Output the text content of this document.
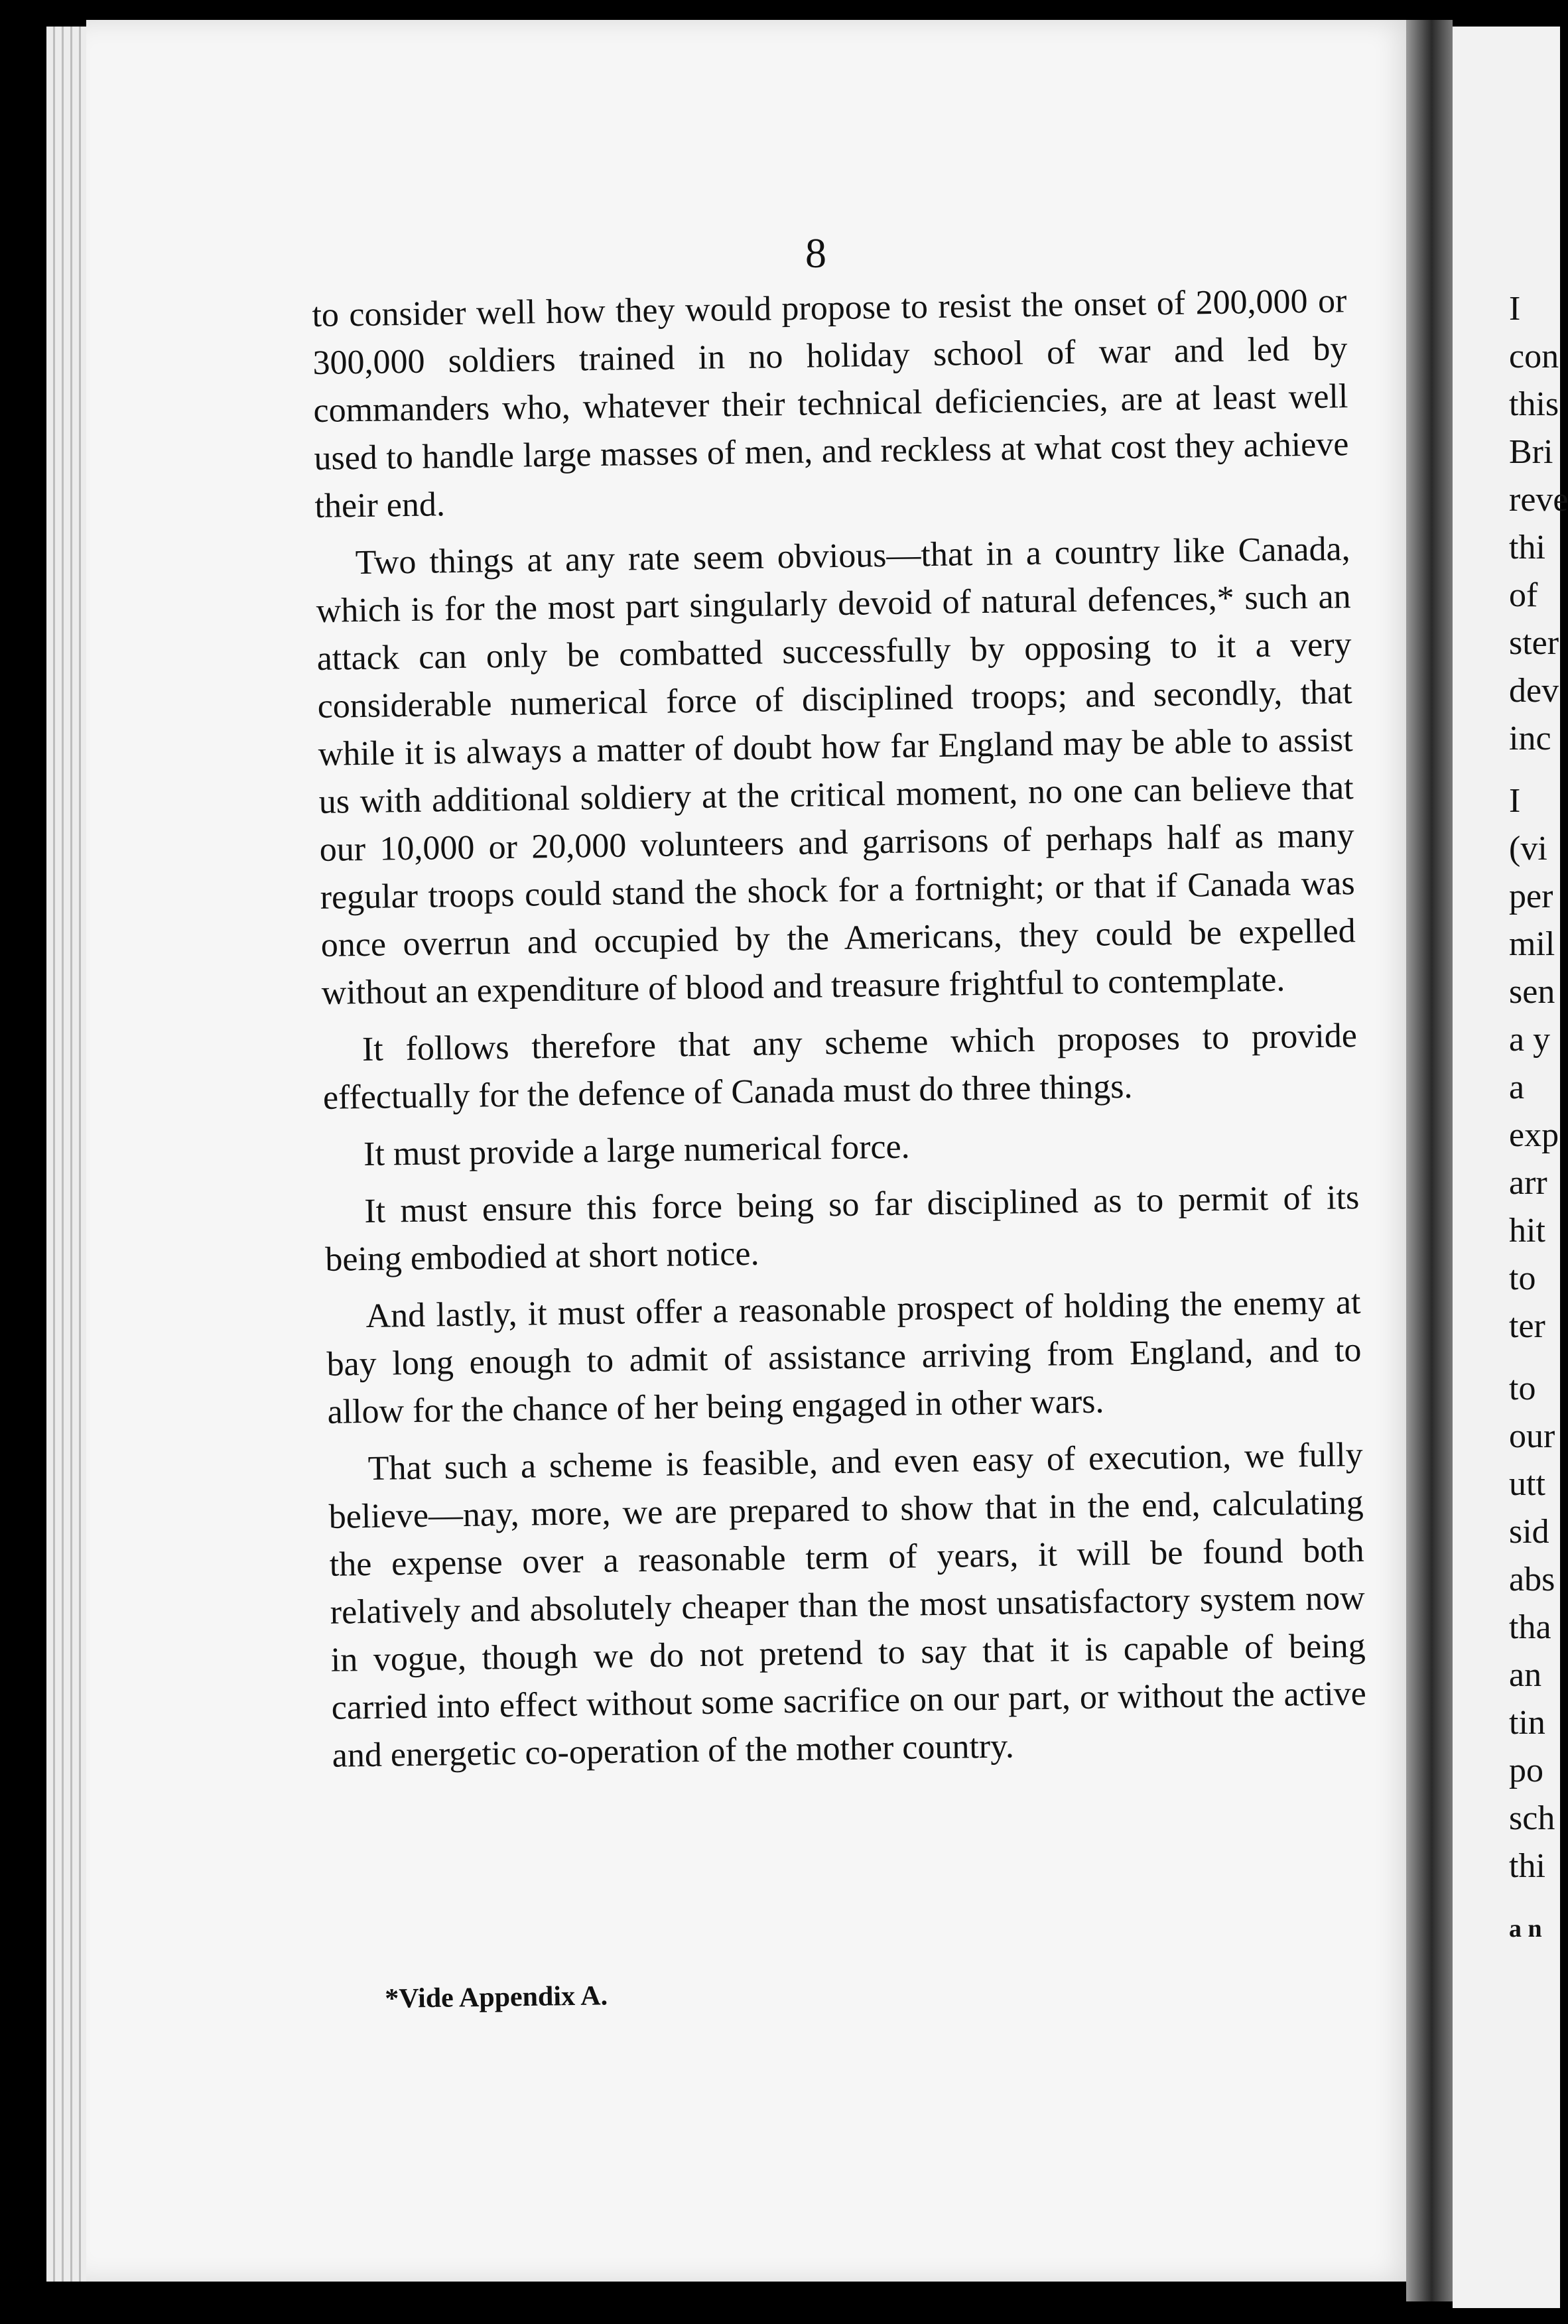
8

to consider well how they would propose to resist the onset of 200,000 or 300,000 soldiers trained in no holiday school of war and led by commanders who, whatever their technical deficiencies, are at least well used to handle large masses of men, and reckless at what cost they achieve their end.

Two things at any rate seem obvious—that in a country like Canada, which is for the most part singularly devoid of natural defences,* such an attack can only be combatted successfully by opposing to it a very considerable numerical force of disciplined troops; and secondly, that while it is always a matter of doubt how far England may be able to assist us with additional soldiery at the critical moment, no one can believe that our 10,000 or 20,000 volunteers and garrisons of perhaps half as many regular troops could stand the shock for a fortnight; or that if Canada was once overrun and occupied by the Americans, they could be expelled without an expenditure of blood and treasure frightful to contemplate.

It follows therefore that any scheme which proposes to provide effectually for the defence of Canada must do three things.

It must provide a large numerical force.

It must ensure this force being so far disciplined as to permit of its being embodied at short notice.

And lastly, it must offer a reasonable prospect of holding the enemy at bay long enough to admit of assistance arriving from England, and to allow for the chance of her being engaged in other wars.

That such a scheme is feasible, and even easy of execution, we fully believe—nay, more, we are prepared to show that in the end, calculating the expense over a reasonable term of years, it will be found both relatively and absolutely cheaper than the most unsatisfactory system now in vogue, though we do not pretend to say that it is capable of being carried into effect without some sacrifice on our part, or without the active and energetic co-operation of the mother country.

*Vide Appendix A.
I
con
this
Bri
reve
thi
of
ster
dev
inc
I
(vi
per
mil
sen
a y
a
exp
arr
hit
to
ter
to
our
utt
sid
abs
tha
an
tin
po
sch
thi
a n
